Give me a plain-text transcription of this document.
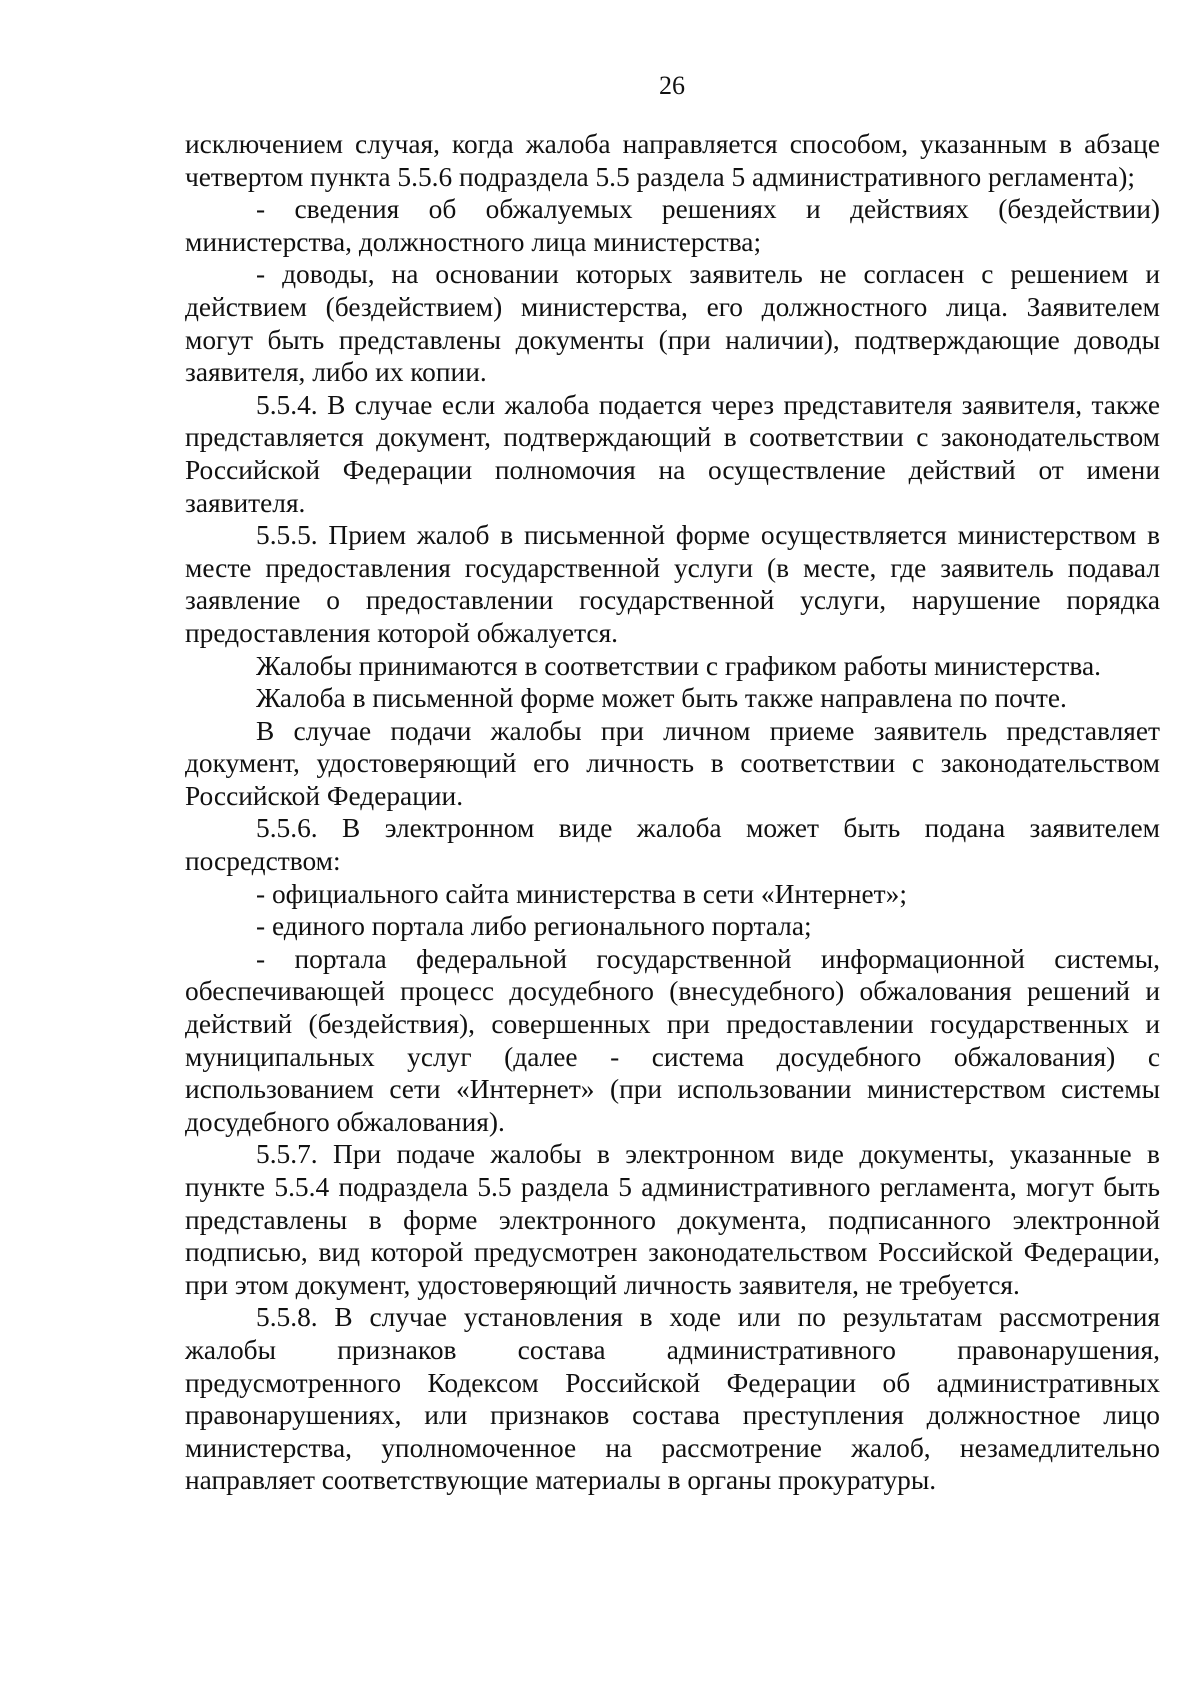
26

исключением случая, когда жалоба направляется способом, указанным в абзаце четвертом пункта 5.5.6 подраздела 5.5 раздела 5 административного регламента);

- сведения об обжалуемых решениях и действиях (бездействии) министерства, должностного лица министерства;

- доводы, на основании которых заявитель не согласен с решением и действием (бездействием) министерства, его должностного лица. Заявителем могут быть представлены документы (при наличии), подтверждающие доводы заявителя, либо их копии.

5.5.4. В случае если жалоба подается через представителя заявителя, также представляется документ, подтверждающий в соответствии с законодательством Российской Федерации полномочия на осуществление действий от имени заявителя.

5.5.5. Прием жалоб в письменной форме осуществляется министерством в месте предоставления государственной услуги (в месте, где заявитель подавал заявление о предоставлении государственной услуги, нарушение порядка предоставления которой обжалуется.

Жалобы принимаются в соответствии с графиком работы министерства.

Жалоба в письменной форме может быть также направлена по почте.

В случае подачи жалобы при личном приеме заявитель представляет документ, удостоверяющий его личность в соответствии с законодательством Российской Федерации.

5.5.6. В электронном виде жалоба может быть подана заявителем посредством:

- официального сайта министерства в сети «Интернет»;

- единого портала либо регионального портала;

- портала федеральной государственной информационной системы, обеспечивающей процесс досудебного (внесудебного) обжалования решений и действий (бездействия), совершенных при предоставлении государственных и муниципальных услуг (далее - система досудебного обжалования) с использованием сети «Интернет» (при использовании министерством системы досудебного обжалования).

5.5.7. При подаче жалобы в электронном виде документы, указанные в пункте 5.5.4 подраздела 5.5 раздела 5 административного регламента, могут быть представлены в форме электронного документа, подписанного электронной подписью, вид которой предусмотрен законодательством Российской Федерации, при этом документ, удостоверяющий личность заявителя, не требуется.

5.5.8. В случае установления в ходе или по результатам рассмотрения жалобы признаков состава административного правонарушения, предусмотренного Кодексом Российской Федерации об административных правонарушениях, или признаков состава преступления должностное лицо министерства, уполномоченное на рассмотрение жалоб, незамедлительно направляет соответствующие материалы в органы прокуратуры.
